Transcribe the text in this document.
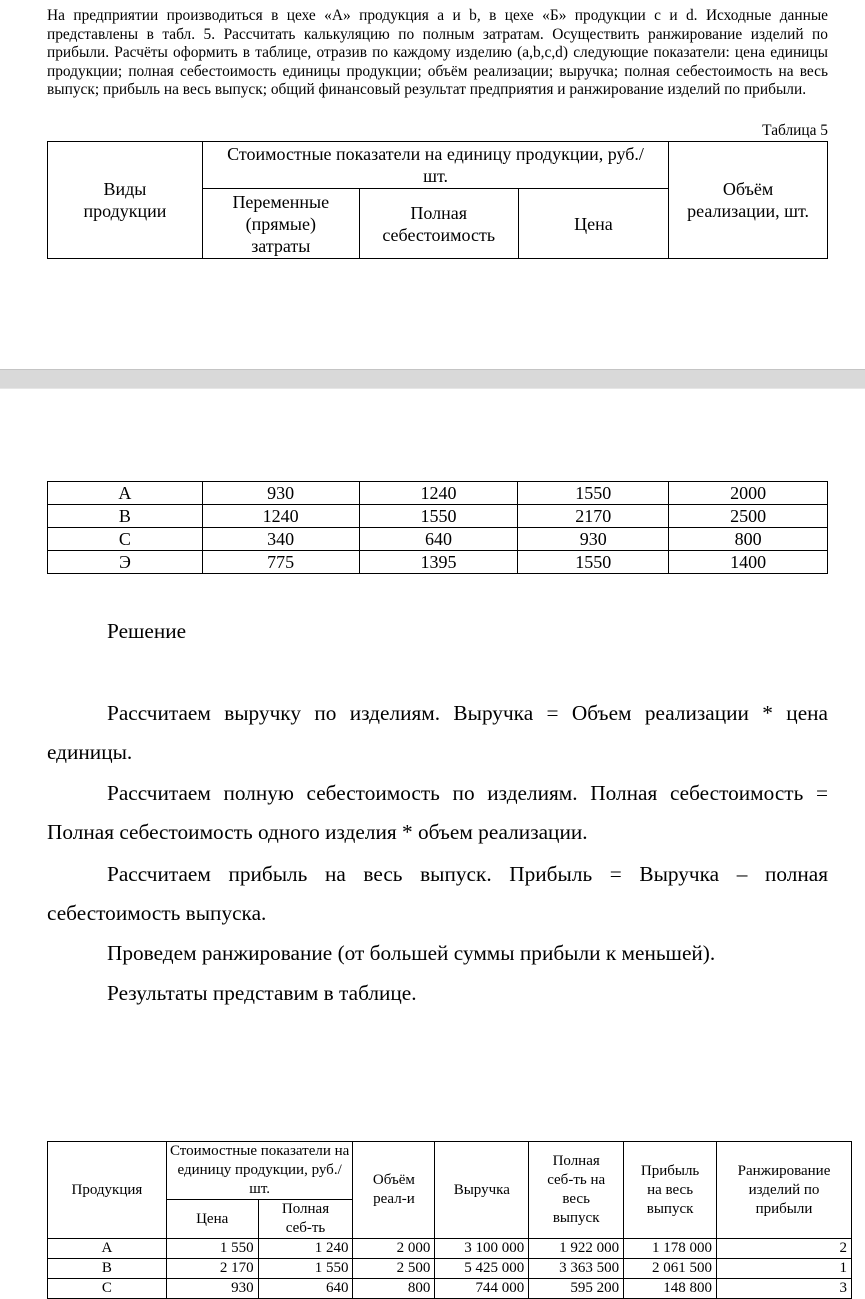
На предприятии производиться в цехе «А» продукция a и b, в цехе «Б» продукции c и d. Исходные данные представлены в табл. 5. Рассчитать калькуляцию по полным затратам. Осуществить ранжирование изделий по прибыли. Расчёты оформить в таблице, отразив по каждому изделию (a,b,c,d) следующие показатели: цена единицы продукции; полная себестоимость единицы продукции; объём реализации; выручка; полная себестоимость на весь выпуск; прибыль на весь выпуск; общий финансовый результат предприятия и ранжирование изделий по прибыли.

Таблица 5
Виды продукции	Стоимостные показатели на единицу продукции, руб./шт.			Объём реализации, шт.
	Переменные (прямые) затраты	Полная себестоимость	Цена	
A	930	1240	1550	2000
B	1240	1550	2170	2500
C	340	640	930	800
Э	775	1395	1550	1400
Решение

Рассчитаем выручку по изделиям. Выручка = Объем реализации * цена единицы.

Рассчитаем полную себестоимость по изделиям. Полная себестоимость = Полная себестоимость одного изделия * объем реализации.

Рассчитаем прибыль на весь выпуск. Прибыль = Выручка – полная себестоимость выпуска.

Проведем ранжирование (от большей суммы прибыли к меньшей).

Результаты представим в таблице.

Продукция	Стоимостные показатели на единицу продукции, руб./шт.		Объём реал-и	Выручка	Полная себ-ть на весь выпуск	Прибыль на весь выпуск	Ранжирование изделий по прибыли
	Цена	Полная себ-ть					
A	1 550	1 240	2 000	3 100 000	1 922 000	1 178 000	2
B	2 170	1 550	2 500	5 425 000	3 363 500	2 061 500	1
C	930	640	800	744 000	595 200	148 800	3
